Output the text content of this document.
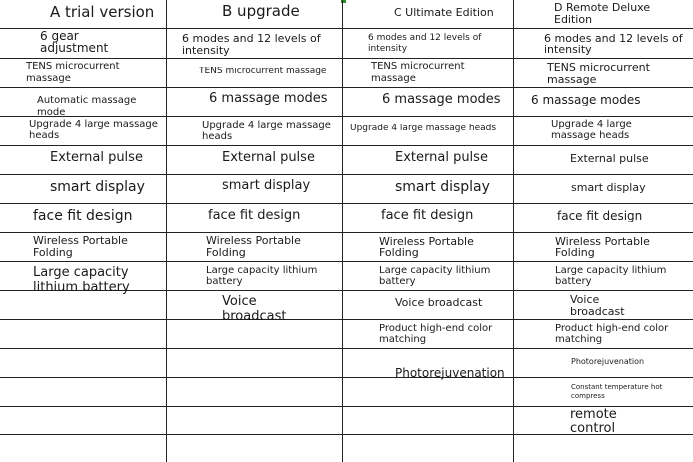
A trial version
6 gear adjustment
TENS microcurrent massage
Automatic massage mode
Upgrade 4 large massage heads
External pulse
smart display
face fit design
Wireless Portable Folding
Large capacity lithium battery
B upgrade
6 modes and 12 levels of intensity
TENS microcurrent massage
6 massage modes
Upgrade 4 large massage heads
External pulse
smart display
face fit design
Wireless Portable Folding
Large capacity lithium battery
Voice broadcast
C Ultimate Edition
6 modes and 12 levels of intensity
TENS microcurrent massage
6 massage modes
Upgrade 4 large massage heads
External pulse
smart display
face fit design
Wireless Portable Folding
Large capacity lithium battery
Voice broadcast
Product high-end color matching
Photorejuvenation
D Remote Deluxe Edition
6 modes and 12 levels of intensity
TENS microcurrent massage
6 massage modes
Upgrade 4 large massage heads
External pulse
smart display
face fit design
Wireless Portable Folding
Large capacity lithium battery
Voice broadcast
Product high-end color matching
Photorejuvenation
Constant temperature hot compress
remote control
